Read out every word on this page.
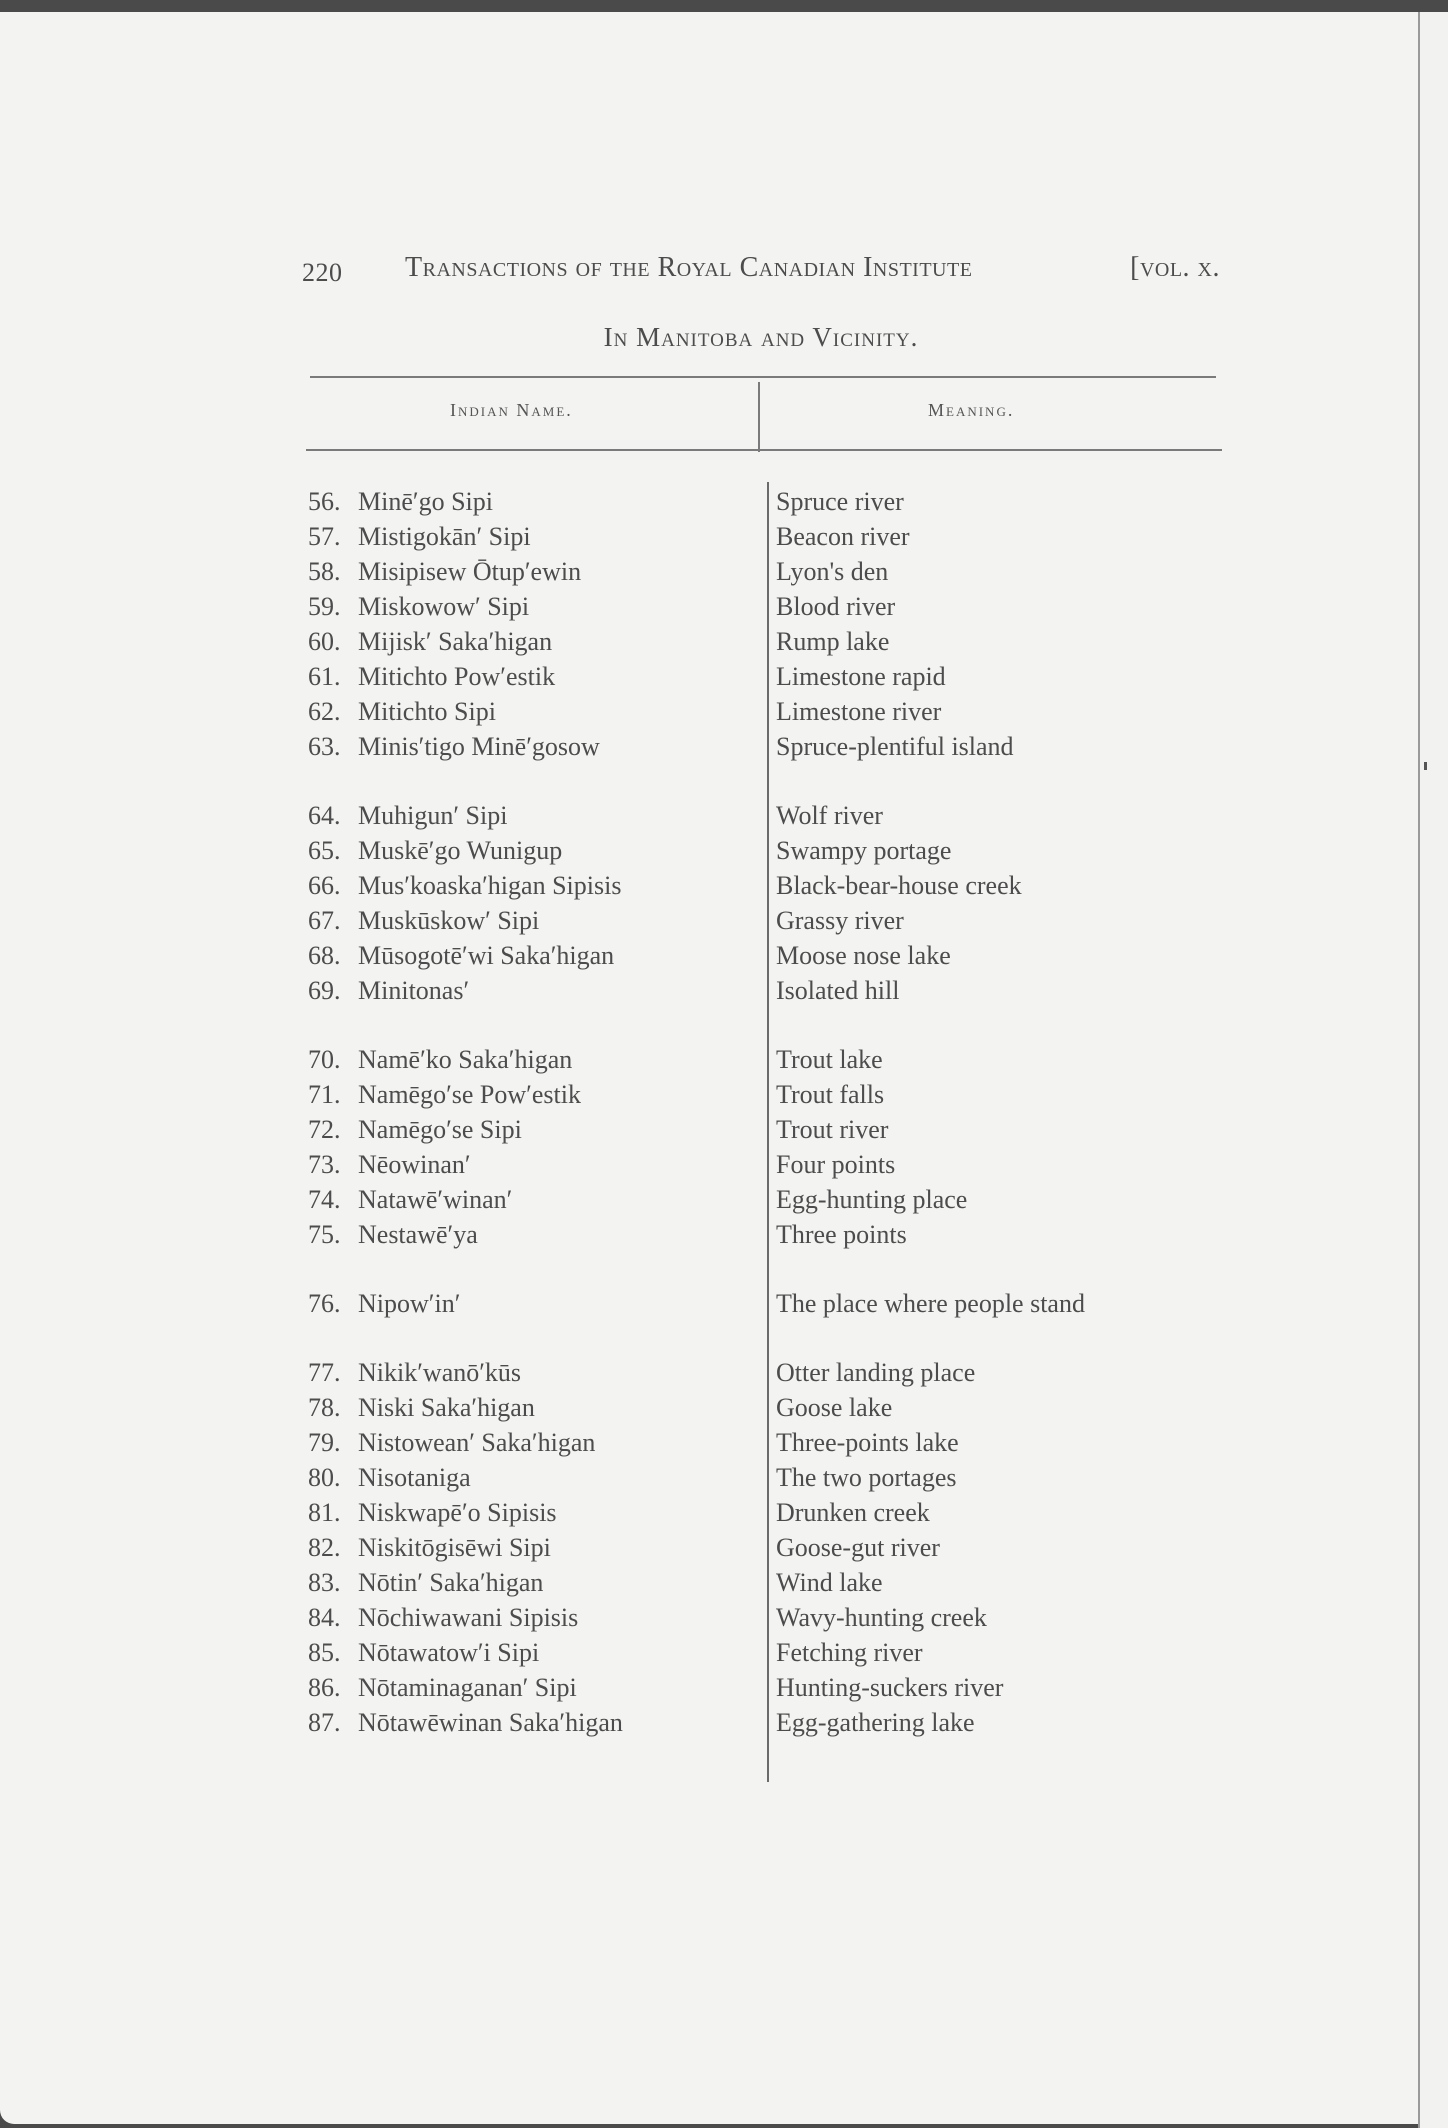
220 Transactions of the Royal Canadian Institute	[vol. x.
In Manitoba and Vicinity.
Indian Name.	Meaning.
56. Minē′go Sipi	Spruce river
57. Mistigokān′ Sipi	Beacon river
58. Misipisew Ōtup′ewin	Lyon's den
59. Miskowow′ Sipi	Blood river
60. Mijisk′ Saka′higan	Rump lake
61. Mitichto Pow′estik	Limestone rapid
62. Mitichto Sipi	Limestone river
63. Minis′tigo Minē′gosow	Spruce-plentiful island
64. Muhigun′ Sipi	Wolf river
65. Muskē′go Wunigup	Swampy portage
66. Mus′koaska′higan Sipisis	Black-bear-house creek
67. Muskūskow′ Sipi	Grassy river
68. Mūsogotē′wi Saka′higan	Moose nose lake
69. Minitonas′	Isolated hill
70. Namē′ko Saka′higan	Trout lake
71. Namēgo′se Pow′estik	Trout falls
72. Namēgo′se Sipi	Trout river
73. Nēowinan′	Four points
74. Natawē′winan′	Egg-hunting place
75. Nestawē′ya	Three points
76. Nipow′in′	The place where people stand
77. Nikik′wanō′kūs	Otter landing place
78. Niski Saka′higan	Goose lake
79. Nistowean′ Saka′higan	Three-points lake
80. Nisotaniga	The two portages
81. Niskwapē′o Sipisis	Drunken creek
82. Niskitōgisēwi Sipi	Goose-gut river
83. Nōtin′ Saka′higan	Wind lake
84. Nōchiwawani Sipisis	Wavy-hunting creek
85. Nōtawatow′i Sipi	Fetching river
86. Nōtaminaganan′ Sipi	Hunting-suckers river
87. Nōtawēwinan Saka′higan	Egg-gathering lake
